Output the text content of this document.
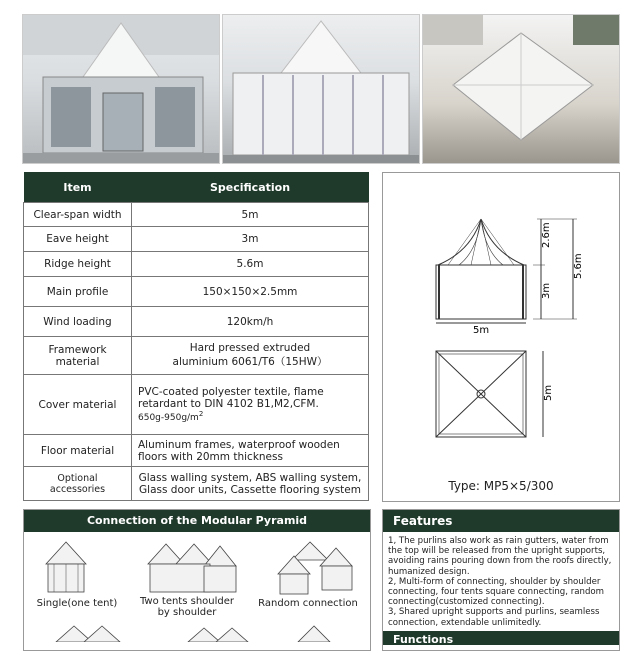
Item	Specification
Clear-span width	5m
Eave height	3m
Ridge height	5.6m
Main profile	150×150×2.5mm
Wind loading	120km/h
Framework material	Hard pressed extruded
aluminium 6061/T6（15HW）

Cover material	PVC-coated polyester textile, flame
retardant to DIN 4102 B1,M2,CFM.
$650g-950g/m^2$

Floor material	Aluminum frames, waterproof wooden
floors with 20mm thickness

Optional accessories	Glass walling system, ABS walling system,
Glass door units, Cassette flooring system
2.6m
3m
5.6m
5m
5m
Type: MP5×5/300
Connection of the Modular Pyramid
Single(one tent)	Two tents shoulder
by shoulder
Random connection
Features
1, The purlins also work as rain gutters, water from the top will be released from the upright supports, avoiding rains pouring down from the roofs directly, humanized design.
2, Multi-form of connecting, shoulder by shoulder connecting, four tents square connecting, random connecting(customized connecting).
3, Shared upright supports and purlins, seamless connection, extendable unlimitedly.
Functions
